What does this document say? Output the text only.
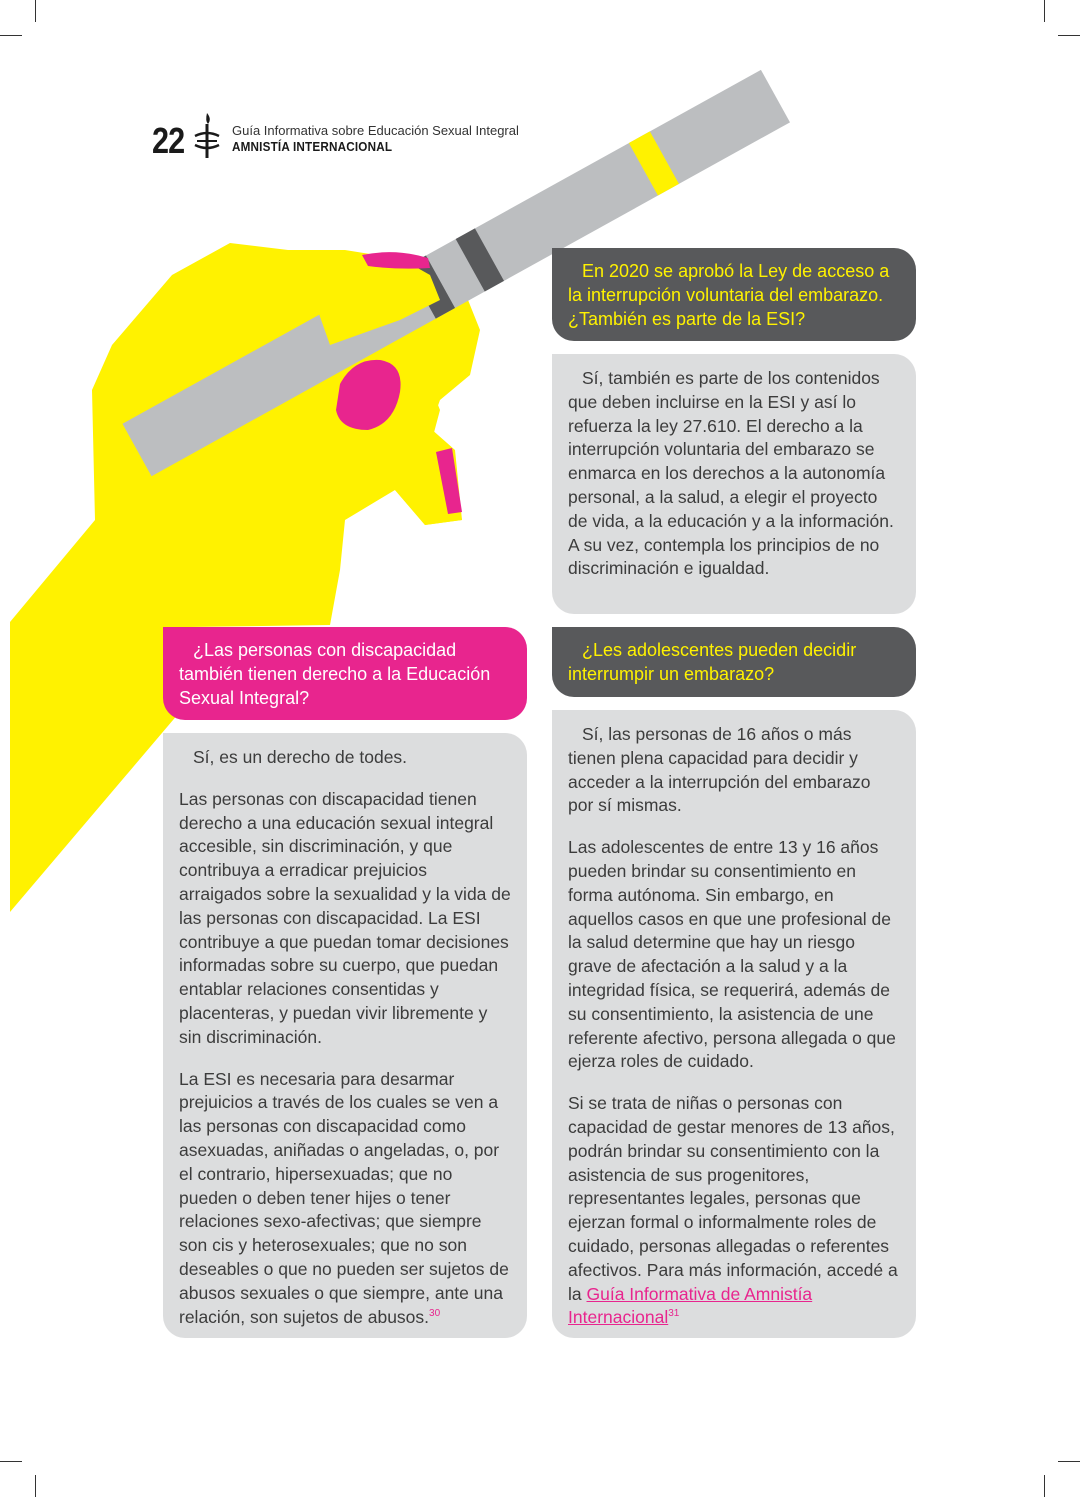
22	Guía Informativa sobre Educación Sexual Integral
AMNISTÍA INTERNACIONAL
En 2020 se aprobó la Ley de acceso a la interrupción voluntaria del embarazo. ¿También es parte de la ESI?
Sí, también es parte de los contenidos que deben incluirse en la ESI y así lo refuerza la ley 27.610. El derecho a la interrupción voluntaria del embarazo se enmarca en los derechos a la autonomía personal, a la salud, a elegir el proyecto de vida, a la educación y a la información. A su vez, contempla los principios de no discriminación e igualdad.
¿Las personas con discapacidad también tienen derecho a la Educación Sexual Integral?

Sí, es un derecho de todes.

Las personas con discapacidad tienen derecho a una educación sexual integral accesible, sin discriminación, y que contribuya a erradicar prejuicios arraigados sobre la sexualidad y la vida de las personas con discapacidad. La ESI contribuye a que puedan tomar decisiones informadas sobre su cuerpo, que puedan entablar relaciones consentidas y placenteras, y puedan vivir libremente y sin discriminación.

La ESI es necesaria para desarmar prejuicios a través de los cuales se ven a las personas con discapacidad como asexuadas, aniñadas o angeladas, o, por el contrario, hipersexuadas; que no pueden o deben tener hijes o tener relaciones sexo-afectivas; que siempre son cis y heterosexuales; que no son deseables o que no pueden ser sujetos de abusos sexuales o que siempre, ante una relación, son sujetos de abusos.$^{30}$

¿Les adolescentes pueden decidir interrumpir un embarazo?

Sí, las personas de 16 años o más tienen plena capacidad para decidir y acceder a la interrupción del embarazo por sí mismas.

Las adolescentes de entre 13 y 16 años pueden brindar su consentimiento en forma autónoma. Sin embargo, en aquellos casos en que une profesional de la salud determine que hay un riesgo grave de afectación a la salud y a la integridad física, se requerirá, además de su consentimiento, la asistencia de une referente afectivo, persona allegada o que ejerza roles de cuidado.

Si se trata de niñas o personas con capacidad de gestar menores de 13 años, podrán brindar su consentimiento con la asistencia de sus progenitores, representantes legales, personas que ejerzan formal o informalmente roles de cuidado, personas allegadas o referentes afectivos. Para más información, accedé a la Guía Informativa de Amnistía Internacional$^{31}$
